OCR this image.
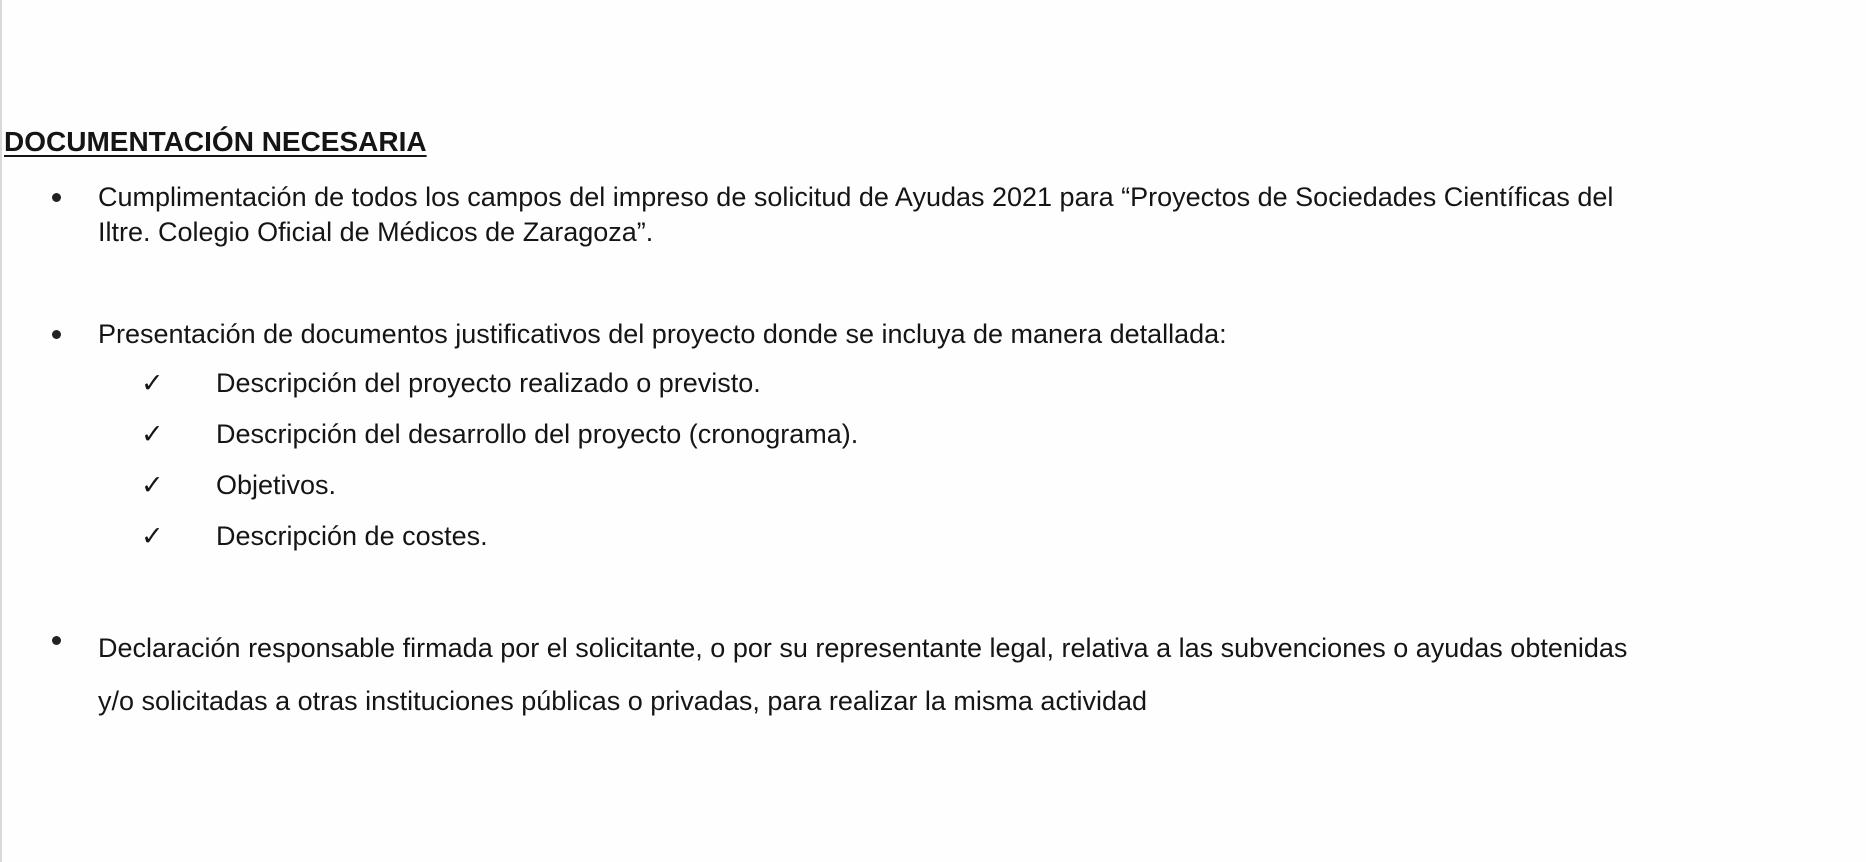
DOCUMENTACIÓN NECESARIA
Cumplimentación de todos los campos del impreso de solicitud de Ayudas 2021 para “Proyectos de Sociedades Científicas del
Iltre. Colegio Oficial de Médicos de Zaragoza”.
Presentación de documentos justificativos del proyecto donde se incluya de manera detallada:
✓ Descripción del proyecto realizado o previsto.
✓ Descripción del desarrollo del proyecto (cronograma).
✓ Objetivos.
✓ Descripción de costes.
Declaración responsable firmada por el solicitante, o por su representante legal, relativa a las subvenciones o ayudas obtenidas
y/o solicitadas a otras instituciones públicas o privadas, para realizar la misma actividad
